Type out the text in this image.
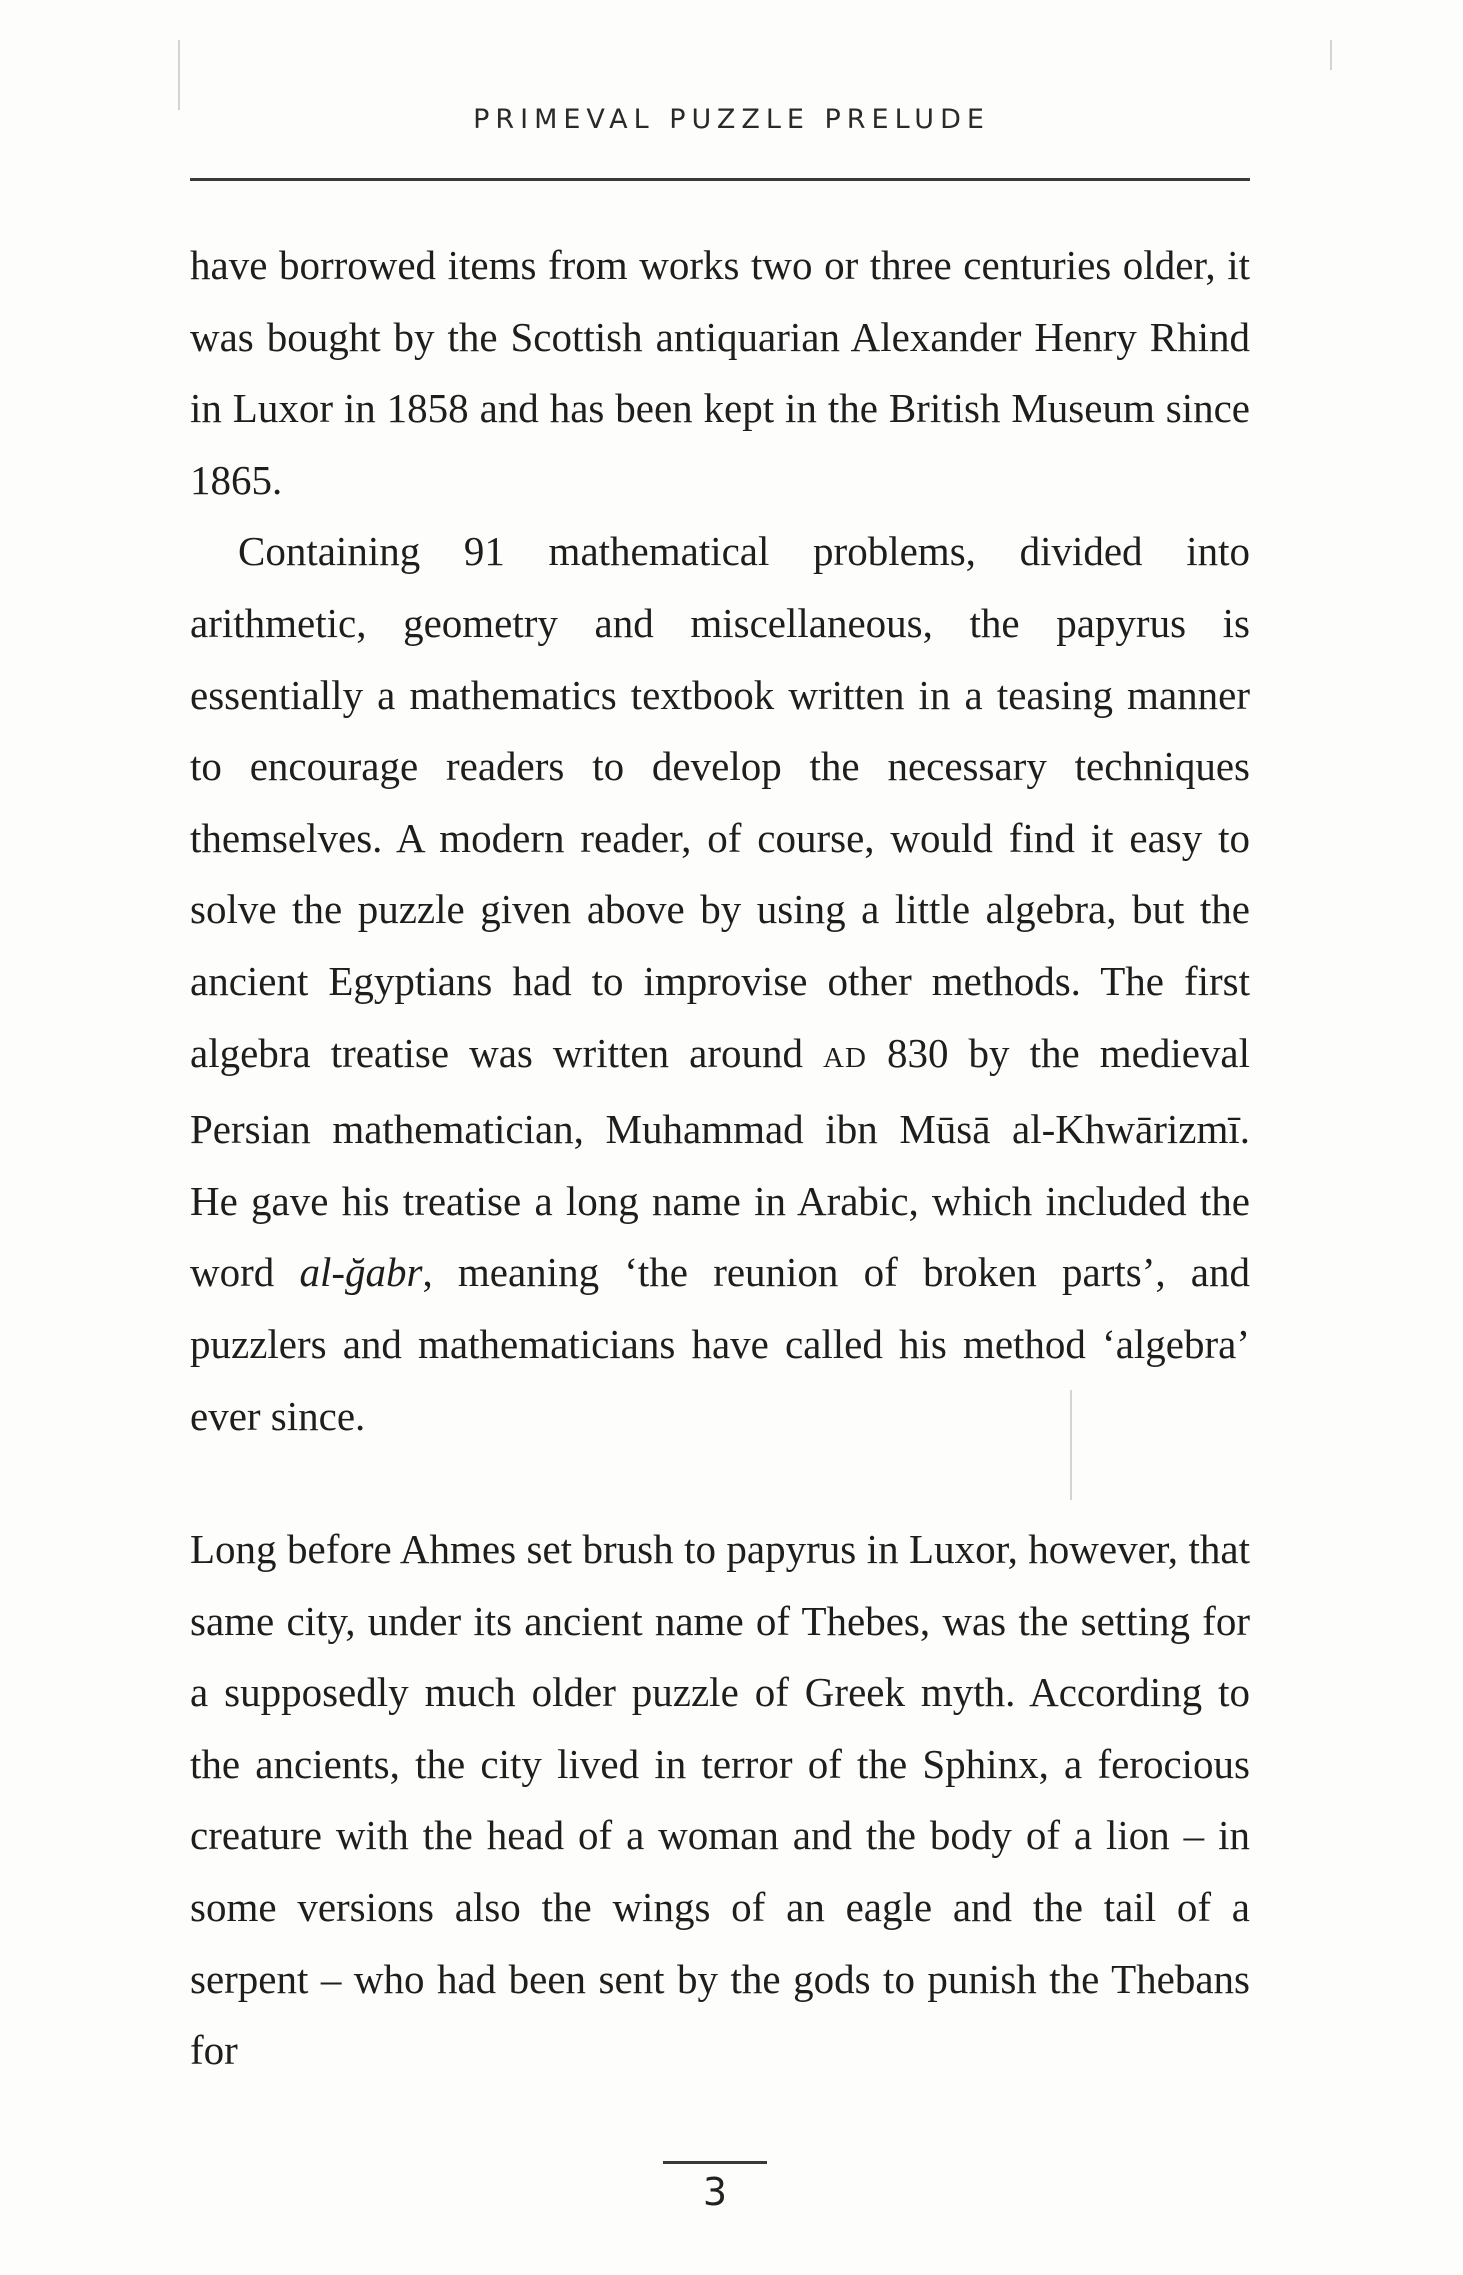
PRIMEVAL PUZZLE PRELUDE

have borrowed items from works two or three centuries older, it was bought by the Scottish antiquarian Alexander Henry Rhind in Luxor in 1858 and has been kept in the British Museum since 1865.

Containing 91 mathematical problems, divided into arithmetic, geometry and miscellaneous, the papyrus is essentially a mathematics textbook written in a teasing manner to encourage readers to develop the necessary techniques themselves. A modern reader, of course, would find it easy to solve the puzzle given above by using a little algebra, but the ancient Egyptians had to improvise other methods. The first algebra treatise was written around AD 830 by the medieval Persian mathematician, Muhammad ibn Mūsā al-Khwārizmī. He gave his treatise a long name in Arabic, which included the word al-ğabr, meaning ‘the reunion of broken parts’, and puzzlers and mathematicians have called his method ‘algebra’ ever since.

Long before Ahmes set brush to papyrus in Luxor, however, that same city, under its ancient name of Thebes, was the setting for a supposedly much older puzzle of Greek myth. According to the ancients, the city lived in terror of the Sphinx, a ferocious creature with the head of a woman and the body of a lion – in some versions also the wings of an eagle and the tail of a serpent – who had been sent by the gods to punish the Thebans for

3
